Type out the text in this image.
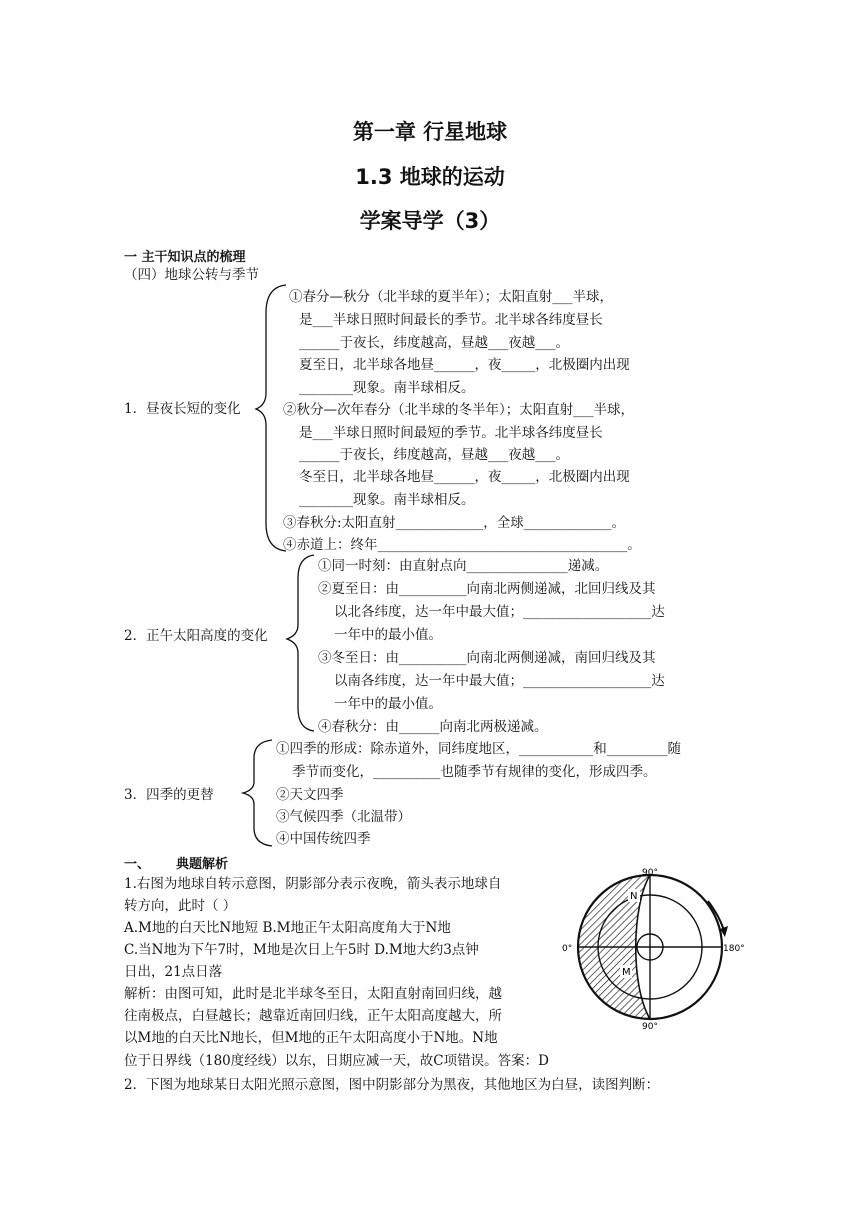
第一章 行星地球
1.3 地球的运动
学案导学（3）
一 主干知识点的梳理
（四）地球公转与季节
1．昼夜长短的变化
①春分—秋分（北半球的夏半年）；太阳直射___半球，
是___半球日照时间最长的季节。北半球各纬度昼长
______于夜长，纬度越高，昼越___夜越___。
夏至日，北半球各地昼______，夜_____，北极圈内出现
________现象。南半球相反。
②秋分—次年春分（北半球的冬半年）；太阳直射___半球，
是___半球日照时间最短的季节。北半球各纬度昼长
______于夜长，纬度越高，昼越___夜越___。
冬至日，北半球各地昼______，夜_____，北极圈内出现
________现象。南半球相反。
③春秋分:太阳直射_____________，全球_____________。
④赤道上：终年_____________________________________。
2．正午太阳高度的变化
①同一时刻：由直射点向_______________递减。
②夏至日：由__________向南北两侧递减，北回归线及其
以北各纬度，达一年中最大值；___________________达
一年中的最小值。
③冬至日：由__________向南北两侧递减，南回归线及其
以南各纬度，达一年中最大值；___________________达
一年中的最小值。
④春秋分：由______向南北两极递减。
3．四季的更替
①四季的形成：除赤道外，同纬度地区，___________和_________随
季节而变化，__________也随季节有规律的变化，形成四季。
②天文四季
③气候四季（北温带）
④中国传统四季
一、 典题解析
1.右图为地球自转示意图，阴影部分表示夜晚，箭头表示地球自
转方向，此时（ ）
A.M地的白天比N地短 B.M地正午太阳高度角大于N地
C.当N地为下午7时，M地是次日上午5时 D.M地大约3点钟
日出，21点日落
解析：由图可知，此时是北半球冬至日，太阳直射南回归线，越
往南极点，白昼越长；越靠近南回归线，正午太阳高度越大，所
以M地的白天比N地长，但M地的正午太阳高度小于N地。N地
位于日界线（180度经线）以东，日期应减一天，故C项错误。答案：D
2．下图为地球某日太阳光照示意图，图中阴影部分为黑夜，其他地区为白昼，读图判断：
N
M
90°
90°
0°	180°
